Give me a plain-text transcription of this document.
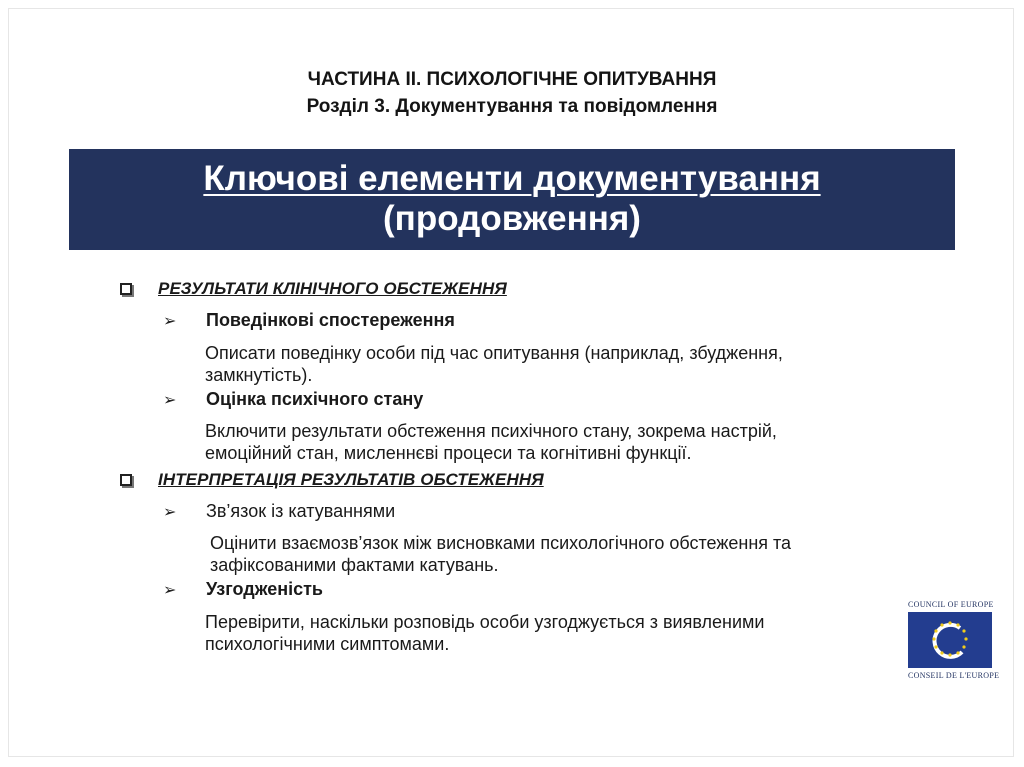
ЧАСТИНА ІІ. ПСИХОЛОГІЧНЕ ОПИТУВАННЯ
Розділ 3. Документування та повідомлення
Ключові елементи документування
(продовження)
РЕЗУЛЬТАТИ КЛІНІЧНОГО ОБСТЕЖЕННЯ
➢	Поведінкові спостереження
Описати поведінку особи під час опитування (наприклад, збудження,
замкнутість).
➢	Оцінка психічного стану
Включити результати обстеження психічного стану, зокрема настрій,
емоційний стан, мисленнєві процеси та когнітивні функції.
ІНТЕРПРЕТАЦІЯ РЕЗУЛЬТАТІВ ОБСТЕЖЕННЯ
➢	Зв’язок із катуваннями
Оцінити взаємозв’язок між висновками психологічного обстеження та
зафіксованими фактами катувань.
➢	Узгодженість
Перевірити, наскільки розповідь особи узгоджується з виявленими
психологічними симптомами.
COUNCIL OF EUROPE
CONSEIL DE L'EUROPE
